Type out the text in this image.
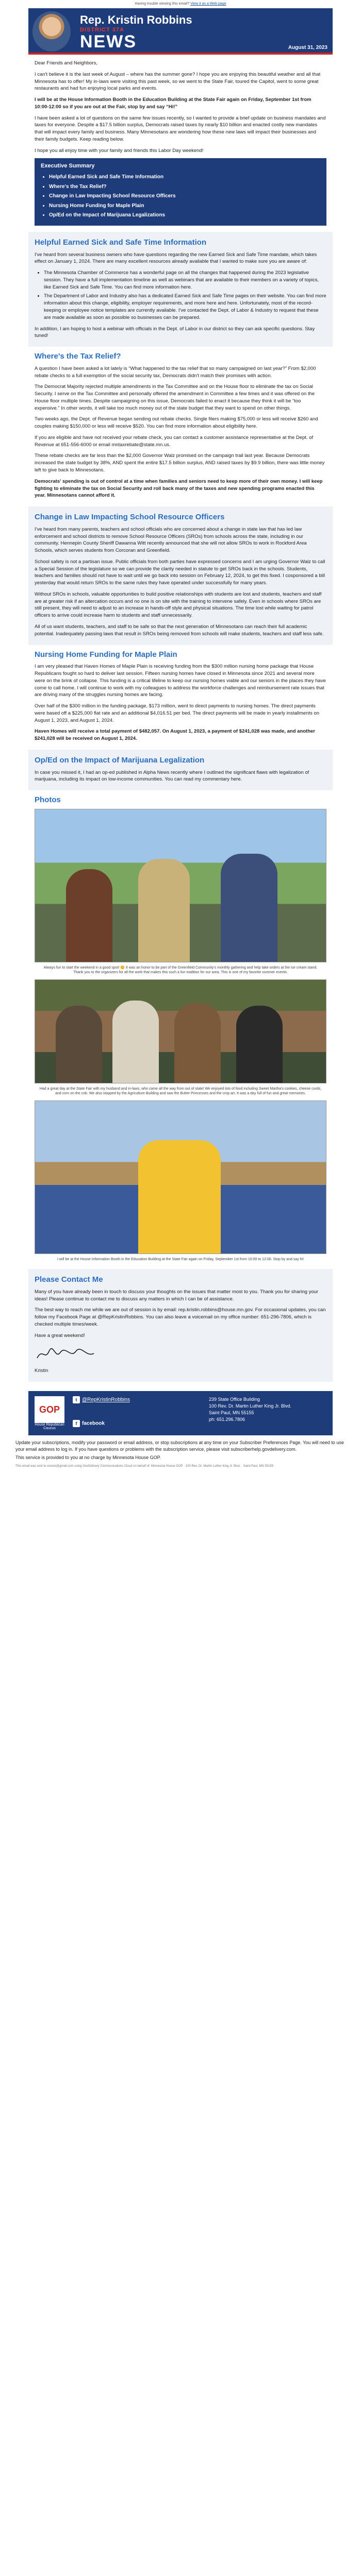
Having trouble viewing this email? View it as a Web page
Rep. Kristin Robbins
DISTRICT 37A
NEWS	August 31, 2023

Dear Friends and Neighbors,

I can't believe it is the last week of August – where has the summer gone? I hope you are enjoying this beautiful weather and all that Minnesota has to offer! My in-laws were visiting this past week, so we went to the State Fair, toured the Capitol, went to some great restaurants and had fun enjoying local parks and events.

I will be at the House Information Booth in the Education Building at the State Fair again on Friday, September 1st from 10:00-12:00 so if you are out at the Fair, stop by and say “Hi!”

I have been asked a lot of questions on the same few issues recently, so I wanted to provide a brief update on business mandates and taxes for everyone. Despite a $17.5 billion surplus, Democrats raised taxes by nearly $10 billion and enacted costly new mandates that will impact every family and business. Many Minnesotans are wondering how these new laws will impact their businesses and their family budgets. Keep reading below.

I hope you all enjoy time with your family and friends this Labor Day weekend!

Executive Summary
• Helpful Earned Sick and Safe Time Information
• Where's the Tax Relief?
• Change in Law Impacting School Resource Officers
• Nursing Home Funding for Maple Plain
• Op/Ed on the Impact of Marijuana Legalizations
Helpful Earned Sick and Safe Time Information

I've heard from several business owners who have questions regarding the new Earned Sick and Safe Time mandate, which takes effect on January 1, 2024. There are many excellent resources already available that I wanted to make sure you are aware of:

• The Minnesota Chamber of Commerce has a wonderful page on all the changes that happened during the 2023 legislative session. They have a full implementation timeline as well as webinars that are available to their members on a variety of topics, like Earned Sick and Safe Time. You can find more information here.
• The Department of Labor and Industry also has a dedicated Earned Sick and Safe Time pages on their website. You can find more information about this change, eligibility, employer requirements, and more here and here. Unfortunately, most of the record-keeping or employee notice templates are currently available. I've contacted the Dept. of Labor & Industry to request that these are made available as soon as possible so businesses can be prepared.

In addition, I am hoping to host a webinar with officials in the Dept. of Labor in our district so they can ask specific questions. Stay tuned!

Where's the Tax Relief?

A question I have been asked a lot lately is “What happened to the tax relief that so many campaigned on last year?” From $2,000 rebate checks to a full exemption of the social security tax, Democrats didn't match their promises with action.

The Democrat Majority rejected multiple amendments in the Tax Committee and on the House floor to eliminate the tax on Social Security. I serve on the Tax Committee and personally offered the amendment in Committee a few times and it was offered on the House floor multiple times. Despite campaigning on this issue, Democrats failed to enact it because they think it will be “too expensive.” In other words, it will take too much money out of the state budget that they want to spend on other things.

Two weeks ago, the Dept. of Revenue began sending out rebate checks. Single filers making $75,000 or less will receive $260 and couples making $150,000 or less will receive $520. You can find more information about eligibility here.

If you are eligible and have not received your rebate check, you can contact a customer assistance representative at the Dept. of Revenue at 651-556-6000 or email mntaxrebate@state.mn.us.

These rebate checks are far less than the $2,000 Governor Walz promised on the campaign trail last year. Because Democrats increased the state budget by 38%, AND spent the entire $17.5 billion surplus, AND raised taxes by $9.9 billion, there was little money left to give back to Minnesotans.

Democrats' spending is out of control at a time when families and seniors need to keep more of their own money. I will keep fighting to eliminate the tax on Social Security and roll back many of the taxes and new spending programs enacted this year. Minnesotans cannot afford it.

Change in Law Impacting School Resource Officers

I've heard from many parents, teachers and school officials who are concerned about a change in state law that has led law enforcement and school districts to remove School Resource Officers (SROs) from schools across the state, including in our community. Hennepin County Sheriff Dawanna Witt recently announced that she will not allow SROs to work in Rockford Area Schools, which serves students from Corcoran and Greenfield.

School safety is not a partisan issue. Public officials from both parties have expressed concerns and I am urging Governor Walz to call a Special Session of the legislature so we can provide the clarity needed in statute to get SROs back in the schools. Students, teachers and families should not have to wait until we go back into session on February 12, 2024, to get this fixed. I cosponsored a bill yesterday that would return SROs to the same rules they have operated under successfully for many years.

Without SROs in schools, valuable opportunities to build positive relationships with students are lost and students, teachers and staff are at greater risk if an altercation occurs and no one is on site with the training to intervene safely. Even in schools where SROs are still present, they will need to adjust to an increase in hands-off style and physical situations. The time lost while waiting for patrol officers to arrive could increase harm to students and staff unnecessarily.

All of us want students, teachers, and staff to be safe so that the next generation of Minnesotans can reach their full academic potential. Inadequately passing laws that result in SROs being removed from schools will make students, teachers and staff less safe.

Nursing Home Funding for Maple Plain

I am very pleased that Haven Homes of Maple Plain is receiving funding from the $300 million nursing home package that House Republicans fought so hard to deliver last session. Fifteen nursing homes have closed in Minnesota since 2021 and several more were on the brink of collapse. This funding is a critical lifeline to keep our nursing homes viable and our seniors in the places they have come to call home. I will continue to work with my colleagues to address the workforce challenges and reimbursement rate issues that are driving many of the struggles nursing homes are facing.

Over half of the $300 million in the funding package, $173 million, went to direct payments to nursing homes. The direct payments were based off a $225,000 flat rate and an additional $4,016.51 per bed. The direct payments will be made in yearly installments on August 1, 2023, and August 1, 2024.

Haven Homes will receive a total payment of $482,057. On August 1, 2023, a payment of $241,028 was made, and another $241,028 will be received on August 1, 2024.

Op/Ed on the Impact of Marijuana Legalization

In case you missed it, I had an op-ed published in Alpha News recently where I outlined the significant flaws with legalization of marijuana, including its impact on low-income communities. You can read my commentary here.

Photos
Always fun to start the weekend in a good spot! 😊 It was an honor to be part of the Greenfield Community's monthly gathering and help take orders at the ice cream stand. Thank you to the organizers for all the work that makes this such a fun tradition for our area. This is one of my favorite summer events.
Had a great day at the State Fair with my husband and in-laws, who came all the way from out of state! We enjoyed lots of food including Sweet Martha's cookies, cheese curds, and corn on the cob. We also stopped by the Agriculture Building and saw the Butter Princesses and the crop art. It was a day full of fun and great memories.
I will be at the House Information Booth in the Education Building at the State Fair again on Friday, September 1st from 10:00 to 12:00. Stop by and say hi!
Please Contact Me

Many of you have already been in touch to discuss your thoughts on the issues that matter most to you. Thank you for sharing your ideas! Please continue to contact me to discuss any matters in which I can be of assistance.

The best way to reach me while we are out of session is by email: rep.kristin.robbins@house.mn.gov. For occasional updates, you can follow my Facebook Page at @RepKristinRobbins. You can also leave a voicemail on my office number: 651-296-7806, which is checked multiple times/week.

Have a great weekend!

Kristin

GOP
House Republican Caucus
t @RepKristinRobbins
f facebook
239 State Office Building
100 Rev. Dr. Martin Luther King Jr. Blvd.
Saint Paul, MN 55155
ph: 651.296.7806

Update your subscriptions, modify your password or email address, or stop subscriptions at any time on your Subscriber Preferences Page. You will need to use your email address to log in. If you have questions or problems with the subscription service, please visit subscriberhelp.govdelivery.com.

This service is provided to you at no charge by Minnesota House GOP.

This email was sent to xxxxxx@gmail.com using GovDelivery Communications Cloud on behalf of: Minnesota House GOP · 100 Rev. Dr. Martin Luther King Jr. Blvd. · Saint Paul, MN 55155
